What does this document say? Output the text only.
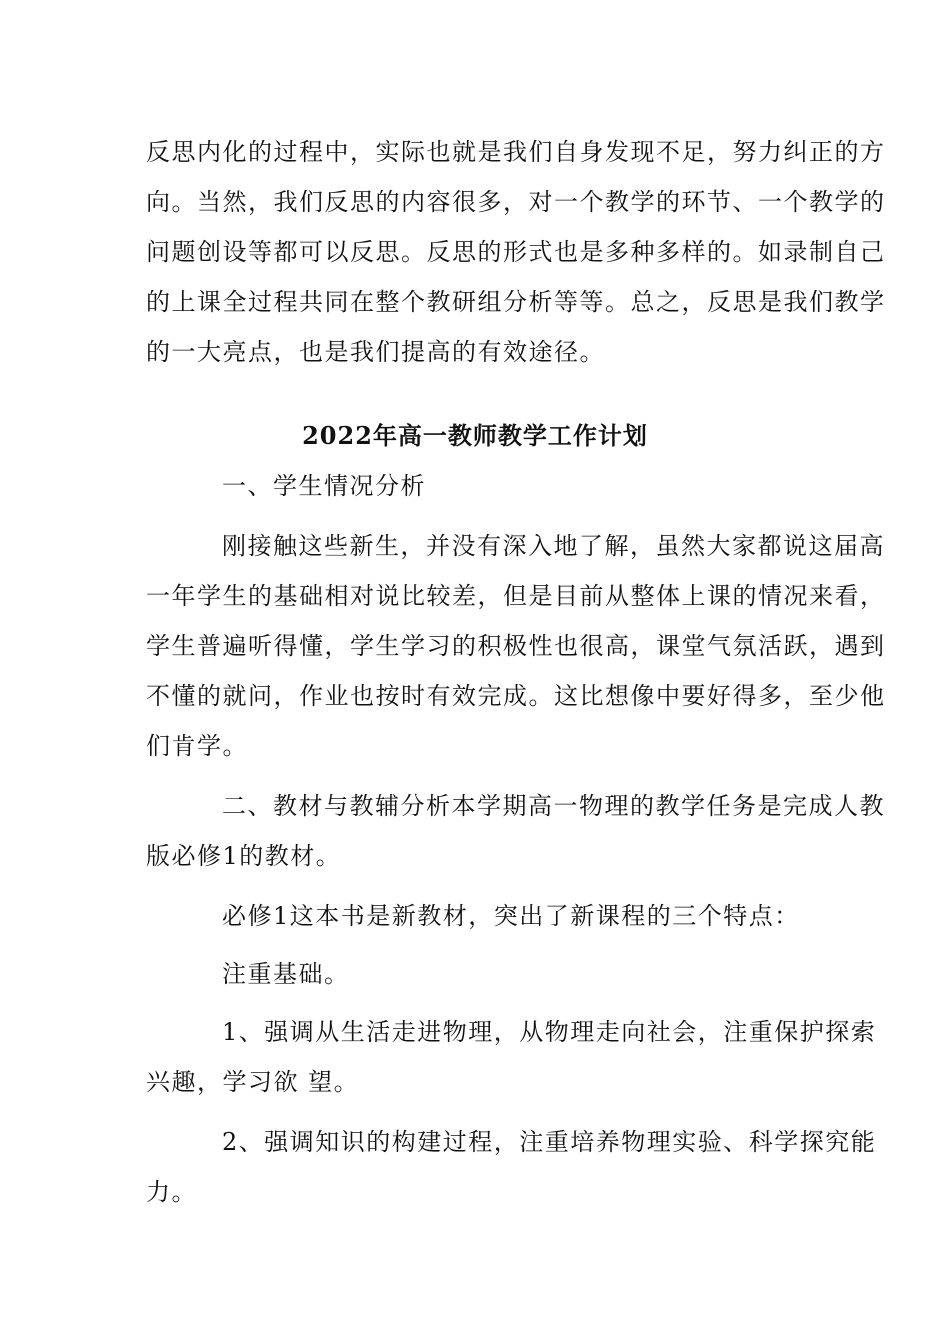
反思内化的过程中，实际也就是我们自身发现不足，努力纠正的方
向。当然，我们反思的内容很多，对一个教学的环节、一个教学的
问题创设等都可以反思。反思的形式也是多种多样的。如录制自己
的上课全过程共同在整个教研组分析等等。总之，反思是我们教学
的一大亮点，也是我们提高的有效途径。
2022年高一教师教学工作计划
一、学生情况分析
刚接触这些新生，并没有深入地了解，虽然大家都说这届高
一年学生的基础相对说比较差，但是目前从整体上课的情况来看，
学生普遍听得懂，学生学习的积极性也很高，课堂气氛活跃，遇到
不懂的就问，作业也按时有效完成。这比想像中要好得多，至少他
们肯学。
二、教材与教辅分析本学期高一物理的教学任务是完成人教
版必修1的教材。
必修1这本书是新教材，突出了新课程的三个特点：
注重基础。
1、强调从生活走进物理，从物理走向社会，注重保护探索
兴趣，学习欲 望。
2、强调知识的构建过程，注重培养物理实验、科学探究能
力。
